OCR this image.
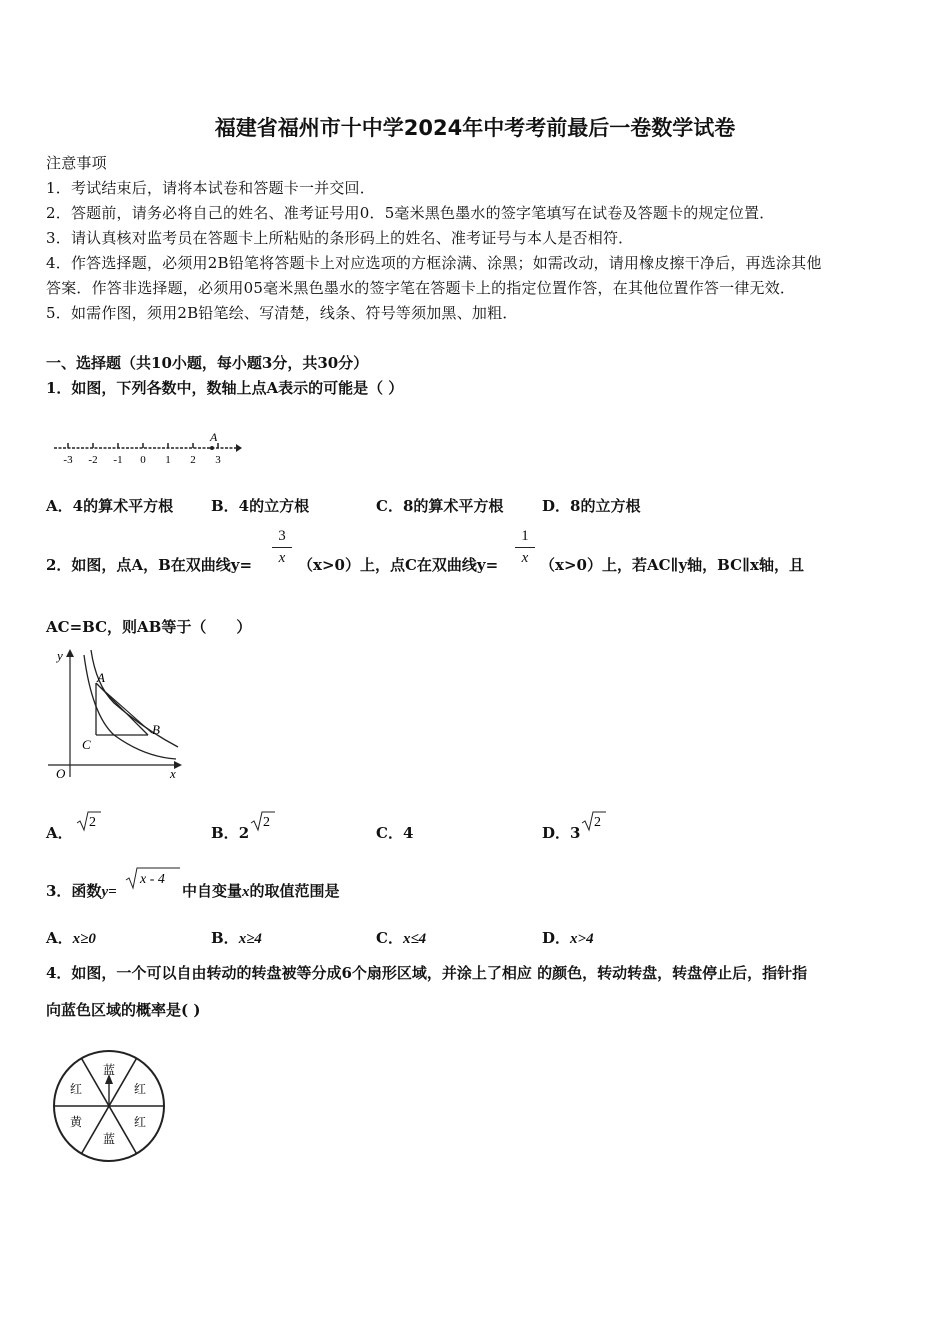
福建省福州市十中学2024年中考考前最后一卷数学试卷
注意事项
1．考试结束后，请将本试卷和答题卡一并交回．
2．答题前，请务必将自己的姓名、准考证号用0．5毫米黑色墨水的签字笔填写在试卷及答题卡的规定位置．
3．请认真核对监考员在答题卡上所粘贴的条形码上的姓名、准考证号与本人是否相符．
4．作答选择题，必须用2B铅笔将答题卡上对应选项的方框涂满、涂黑；如需改动，请用橡皮擦干净后，再选涂其他
答案．作答非选择题，必须用05毫米黑色墨水的签字笔在答题卡上的指定位置作答，在其他位置作答一律无效．
5．如需作图，须用2B铅笔绘、写清楚，线条、符号等须加黑、加粗．
一、选择题（共10小题，每小题3分，共30分）
1．如图，下列各数中，数轴上点A表示的可能是（ ）
A
-3 -2 -1 0 1 2 3
A．4的算术平方根	B．4的立方根	C．8的算术平方根	D．8的立方根
2．如图，点A，B在双曲线y=
3
x （x>0）上，点C在双曲线y=
1
x （x>0）上，若AC∥y轴，BC∥x轴，且
AC=BC，则AB等于（　　）
y
x
O
A
B
C
A．
2
B．2
2
C．4	D．3
2
3．函数y=
x - 4
中自变量x的取值范围是
A．x≥0	B．x≥4	C．x≤4	D．x>4
4．如图，一个可以自由转动的转盘被等分成6个扇形区域，并涂上了相应 的颜色，转动转盘，转盘停止后，指针指
向蓝色区域的概率是( )
蓝
红
红
蓝
黄
红
